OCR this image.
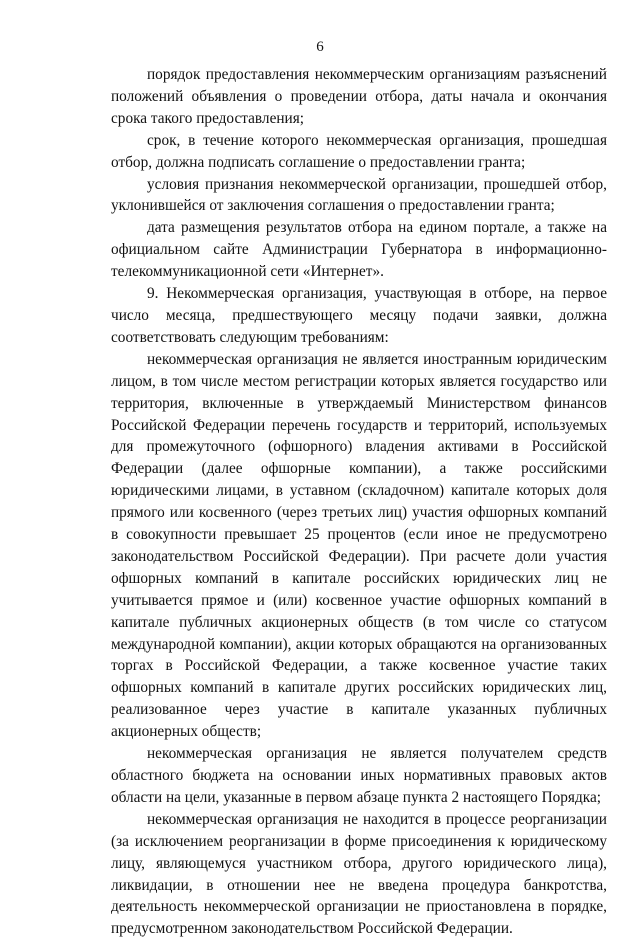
6

порядок предоставления некоммерческим организациям разъяснений положений объявления о проведении отбора, даты начала и окончания срока такого предоставления;

срок, в течение которого некоммерческая организация, прошедшая отбор, должна подписать соглашение о предоставлении гранта;

условия признания некоммерческой организации, прошедшей отбор, уклонившейся от заключения соглашения о предоставлении гранта;

дата размещения результатов отбора на едином портале, а также на официальном сайте Администрации Губернатора в информационно-телекоммуникационной сети «Интернет».

9. Некоммерческая организация, участвующая в отборе, на первое число месяца, предшествующего месяцу подачи заявки, должна соответствовать следующим требованиям:

некоммерческая организация не является иностранным юридическим лицом, в том числе местом регистрации которых является государство или территория, включенные в утверждаемый Министерством финансов Российской Федерации перечень государств и территорий, используемых для промежуточного (офшорного) владения активами в Российской Федерации (далее офшорные компании), а также российскими юридическими лицами, в уставном (складочном) капитале которых доля прямого или косвенного (через третьих лиц) участия офшорных компаний в совокупности превышает 25 процентов (если иное не предусмотрено законодательством Российской Федерации). При расчете доли участия офшорных компаний в капитале российских юридических лиц не учитывается прямое и (или) косвенное участие офшорных компаний в капитале публичных акционерных обществ (в том числе со статусом международной компании), акции которых обращаются на организованных торгах в Российской Федерации, а также косвенное участие таких офшорных компаний в капитале других российских юридических лиц, реализованное через участие в капитале указанных публичных акционерных обществ;

некоммерческая организация не является получателем средств областного бюджета на основании иных нормативных правовых актов области на цели, указанные в первом абзаце пункта 2 настоящего Порядка;

некоммерческая организация не находится в процессе реорганизации (за исключением реорганизации в форме присоединения к юридическому лицу, являющемуся участником отбора, другого юридического лица), ликвидации, в отношении нее не введена процедура банкротства, деятельность некоммерческой организации не приостановлена в порядке, предусмотренном законодательством Российской Федерации.
